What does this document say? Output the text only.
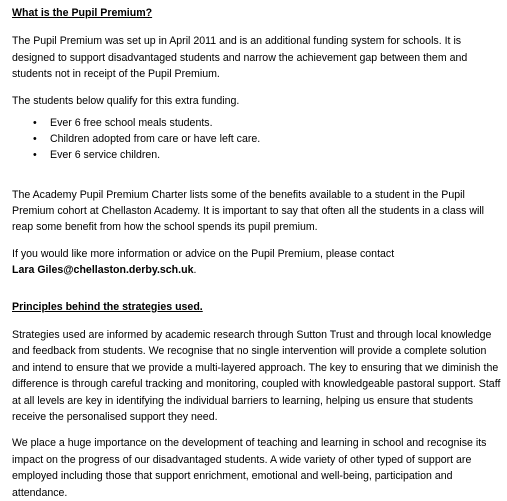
What is the Pupil Premium?

The Pupil Premium was set up in April 2011 and is an additional funding system for schools. It is designed to support disadvantaged students and narrow the achievement gap between them and students not in receipt of the Pupil Premium.

The students below qualify for this extra funding.

• Ever 6 free school meals students.
• Children adopted from care or have left care.
• Ever 6 service children.

The Academy Pupil Premium Charter lists some of the benefits available to a student in the Pupil Premium cohort at Chellaston Academy. It is important to say that often all the students in a class will reap some benefit from how the school spends its pupil premium.

If you would like more information or advice on the Pupil Premium, please contact
Lara Giles@chellaston.derby.sch.uk.

Principles behind the strategies used.

Strategies used are informed by academic research through Sutton Trust and through local knowledge and feedback from students. We recognise that no single intervention will provide a complete solution and intend to ensure that we provide a multi-layered approach. The key to ensuring that we diminish the difference is through careful tracking and monitoring, coupled with knowledgeable pastoral support. Staff at all levels are key in identifying the individual barriers to learning, helping us ensure that students receive the personalised support they need.

We place a huge importance on the development of teaching and learning in school and recognise its impact on the progress of our disadvantaged students. A wide variety of other typed of support are employed including those that support enrichment, emotional and well-being, participation and attendance.
